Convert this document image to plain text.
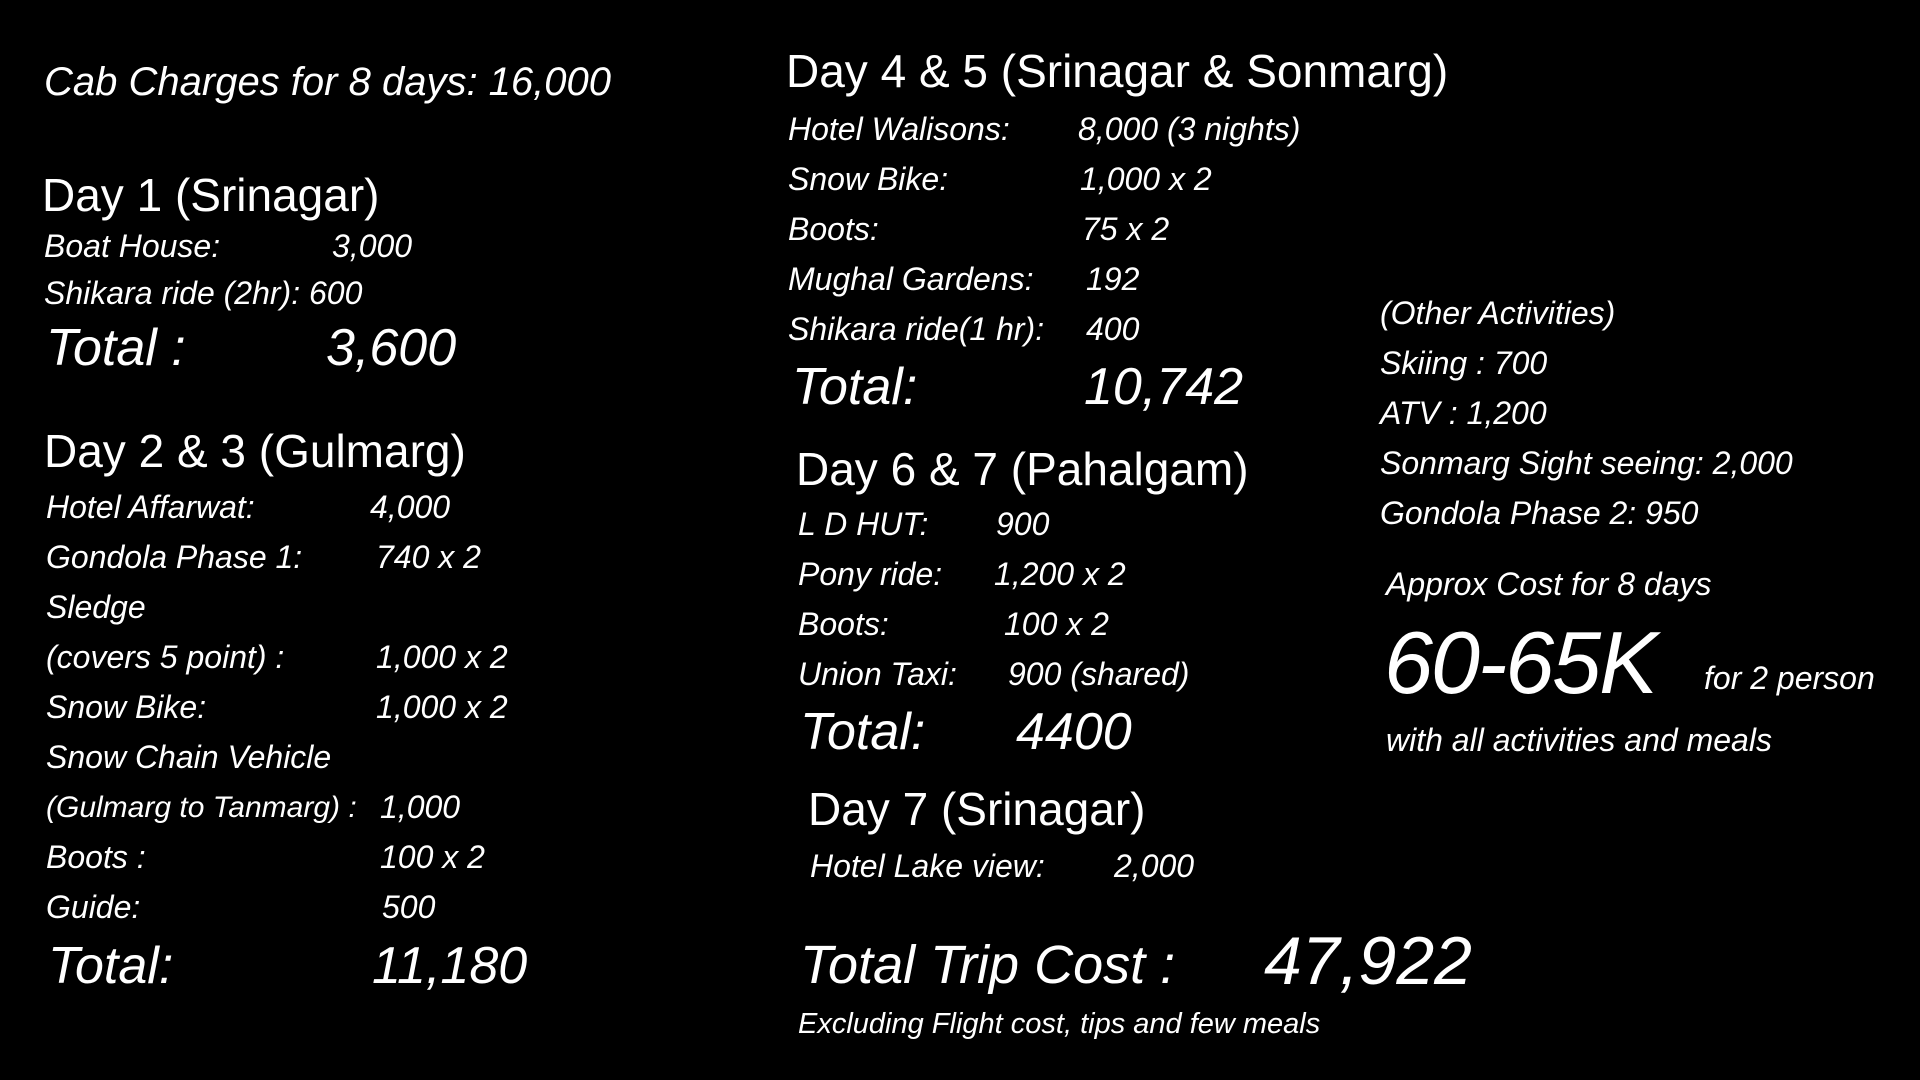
Cab Charges for 8 days: 16,000
Day 1 (Srinagar)
Boat House:	3,000
Shikara ride (2hr): 600
Total :	3,600
Day 2 & 3 (Gulmarg)
Hotel Affarwat:	4,000
Gondola Phase 1: 740 x 2
Sledge
(covers 5 point) :	1,000 x 2
Snow Bike:	1,000 x 2
Snow Chain Vehicle
(Gulmarg to Tanmarg) : 1,000
Boots :	100 x 2
Guide:	500
Total:	11,180
Day 4 & 5 (Srinagar & Sonmarg)
Hotel Walisons: 8,000 (3 nights)
Snow Bike:	1,000 x 2
Boots:	75 x 2
Mughal Gardens: 192
Shikara ride(1 hr): 400
Total:	10,742
Day 6 & 7 (Pahalgam)
L D HUT: 900
Pony ride: 1,200 x 2
Boots:	100 x 2
Union Taxi: 900 (shared)
Total: 4400
Day 7 (Srinagar)
Hotel Lake view: 2,000
Total Trip Cost : 47,922
Excluding Flight cost, tips and few meals
(Other Activities)
Skiing : 700
ATV : 1,200
Sonmarg Sight seeing: 2,000
Gondola Phase 2: 950
Approx Cost for 8 days
60-65K for 2 person
with all activities and meals
